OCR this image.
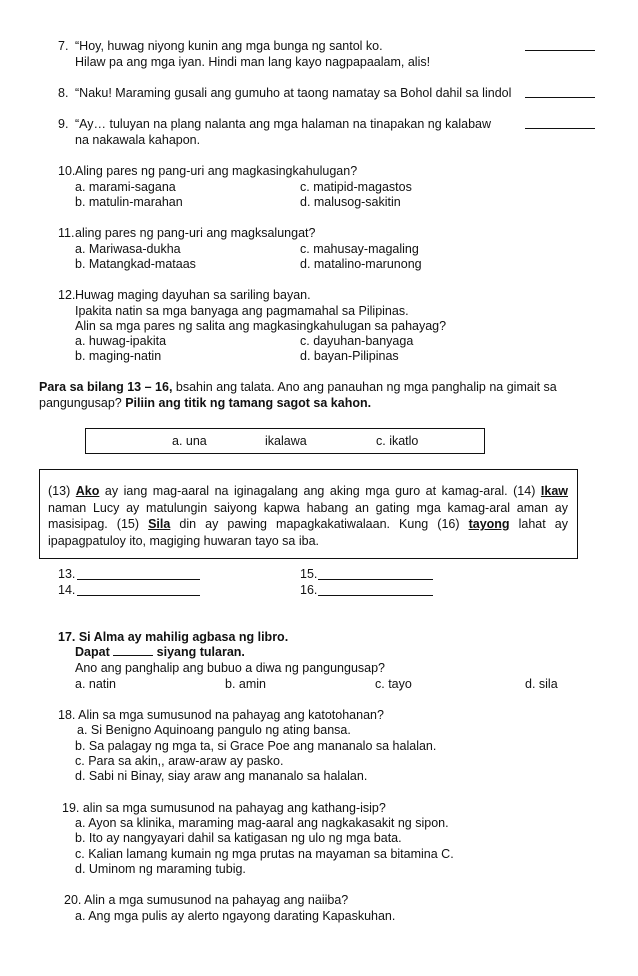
7. “Hoy, huwag niyong kunin ang mga bunga ng santol ko.
Hilaw pa ang mga iyan. Hindi man lang kayo nagpapaalam, alis!
8. “Naku! Maraming gusali ang gumuho at taong namatay sa Bohol dahil sa lindol
9. “Ay… tuluyan na plang nalanta ang mga halaman na tinapakan ng kalabaw
na nakawala kahapon.
10. Aling pares ng pang-uri ang magkasingkahulugan?
a. marami-sagana	c. matipid-magastos
b. matulin-marahan	d. malusog-sakitin
11. aling pares ng pang-uri ang magksalungat?
a. Mariwasa-dukha	c. mahusay-magaling
b. Matangkad-mataas	d. matalino-marunong
12. Huwag maging dayuhan sa sariling bayan.
Ipakita natin sa mga banyaga ang pagmamahal sa Pilipinas.
Alin sa mga pares ng salita ang magkasingkahulugan sa pahayag?
a. huwag-ipakita	c. dayuhan-banyaga
b. maging-natin	d. bayan-Pilipinas
Para sa bilang 13 – 16, bsahin ang talata. Ano ang panauhan ng mga panghalip na gimait sa
pangungusap? Piliin ang titik ng tamang sagot sa kahon.
a. una	ikalawa	c. ikatlo
(13) Ako ay iang mag-aaral na iginagalang ang aking mga guro at kamag-aral. (14) Ikaw naman Lucy ay matulungin saiyong kapwa habang an gating mga kamag-aral aman ay masisipag. (15) Sila din ay pawing mapagkakatiwalaan. Kung (16) tayong lahat ay ipapagpatuloy ito, magiging huwaran tayo sa iba.
13.
14.
15.
16.
17. Si Alma ay mahilig agbasa ng libro.
Dapat	siyang tularan.
Ano ang panghalip ang bubuo a diwa ng pangungusap?
a. natin	b. amin	c. tayo	d. sila
18. Alin sa mga sumusunod na pahayag ang katotohanan?
a. Si Benigno Aquinoang pangulo ng ating bansa.
b. Sa palagay ng mga ta, si Grace Poe ang mananalo sa halalan.
c. Para sa akin,, araw-araw ay pasko.
d. Sabi ni Binay, siay araw ang mananalo sa halalan.
19. alin sa mga sumusunod na pahayag ang kathang-isip?
a. Ayon sa klinika, maraming mag-aaral ang nagkakasakit ng sipon.
b. Ito ay nangyayari dahil sa katigasan ng ulo ng mga bata.
c. Kalian lamang kumain ng mga prutas na mayaman sa bitamina C.
d. Uminom ng maraming tubig.
20. Alin a mga sumusunod na pahayag ang naiiba?
a. Ang mga pulis ay alerto ngayong darating Kapaskuhan.
